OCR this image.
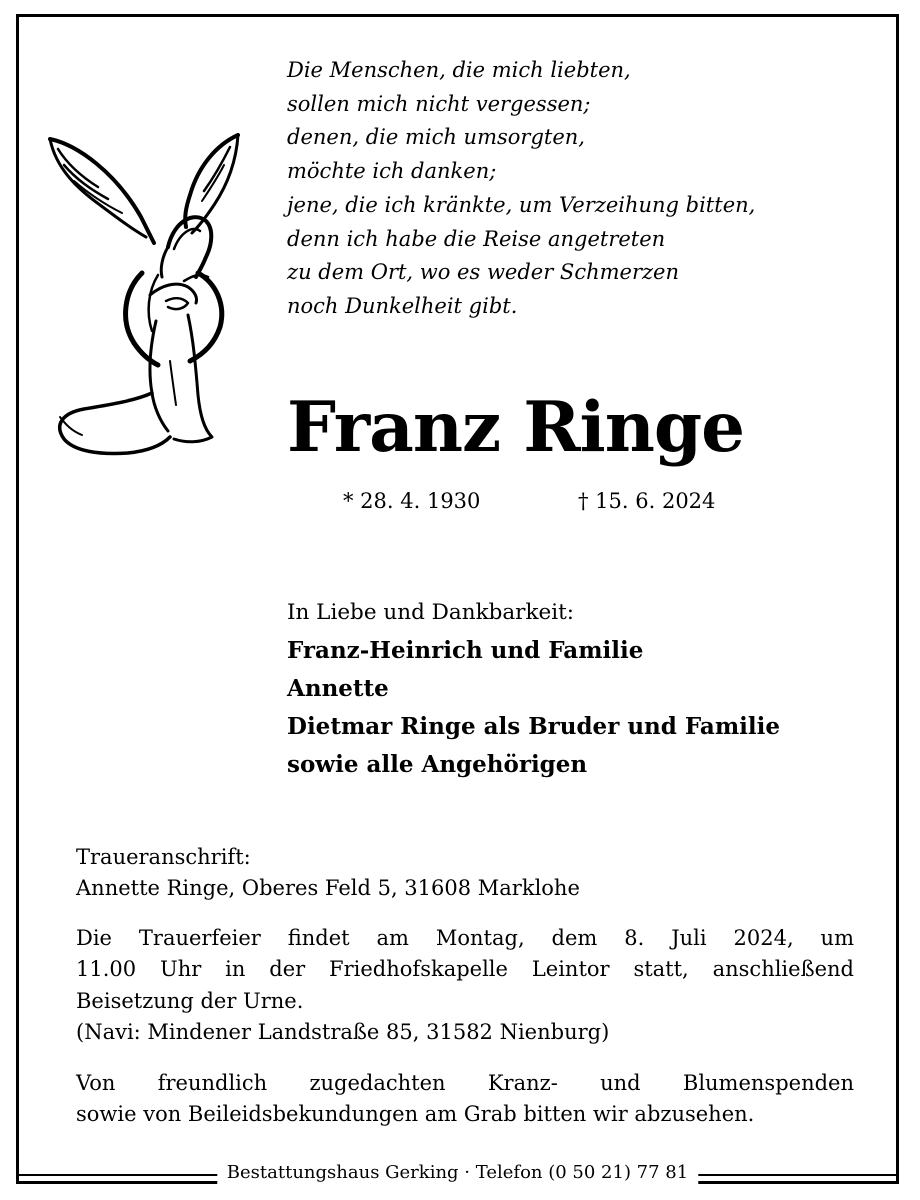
Die Menschen, die mich liebten,
sollen mich nicht vergessen;
denen, die mich umsorgten,
möchte ich danken;
jene, die ich kränkte, um Verzeihung bitten,
denn ich habe die Reise angetreten
zu dem Ort, wo es weder Schmerzen
noch Dunkelheit gibt.
Franz Ringe
* 28. 4. 1930	† 15. 6. 2024
In Liebe und Dankbarkeit:
Franz-Heinrich und Familie
Annette
Dietmar Ringe als Bruder und Familie
sowie alle Angehörigen
Traueranschrift:
Annette Ringe, Oberes Feld 5, 31608 Marklohe
Die Trauerfeier findet am Montag, dem 8. Juli 2024, um
11.00 Uhr in der Friedhofskapelle Leintor statt, anschließend
Beisetzung der Urne.
(Navi: Mindener Landstraße 85, 31582 Nienburg)
Von freundlich zugedachten Kranz- und Blumenspenden
sowie von Beileidsbekundungen am Grab bitten wir abzusehen.
Bestattungshaus Gerking · Telefon (0 50 21) 77 81
